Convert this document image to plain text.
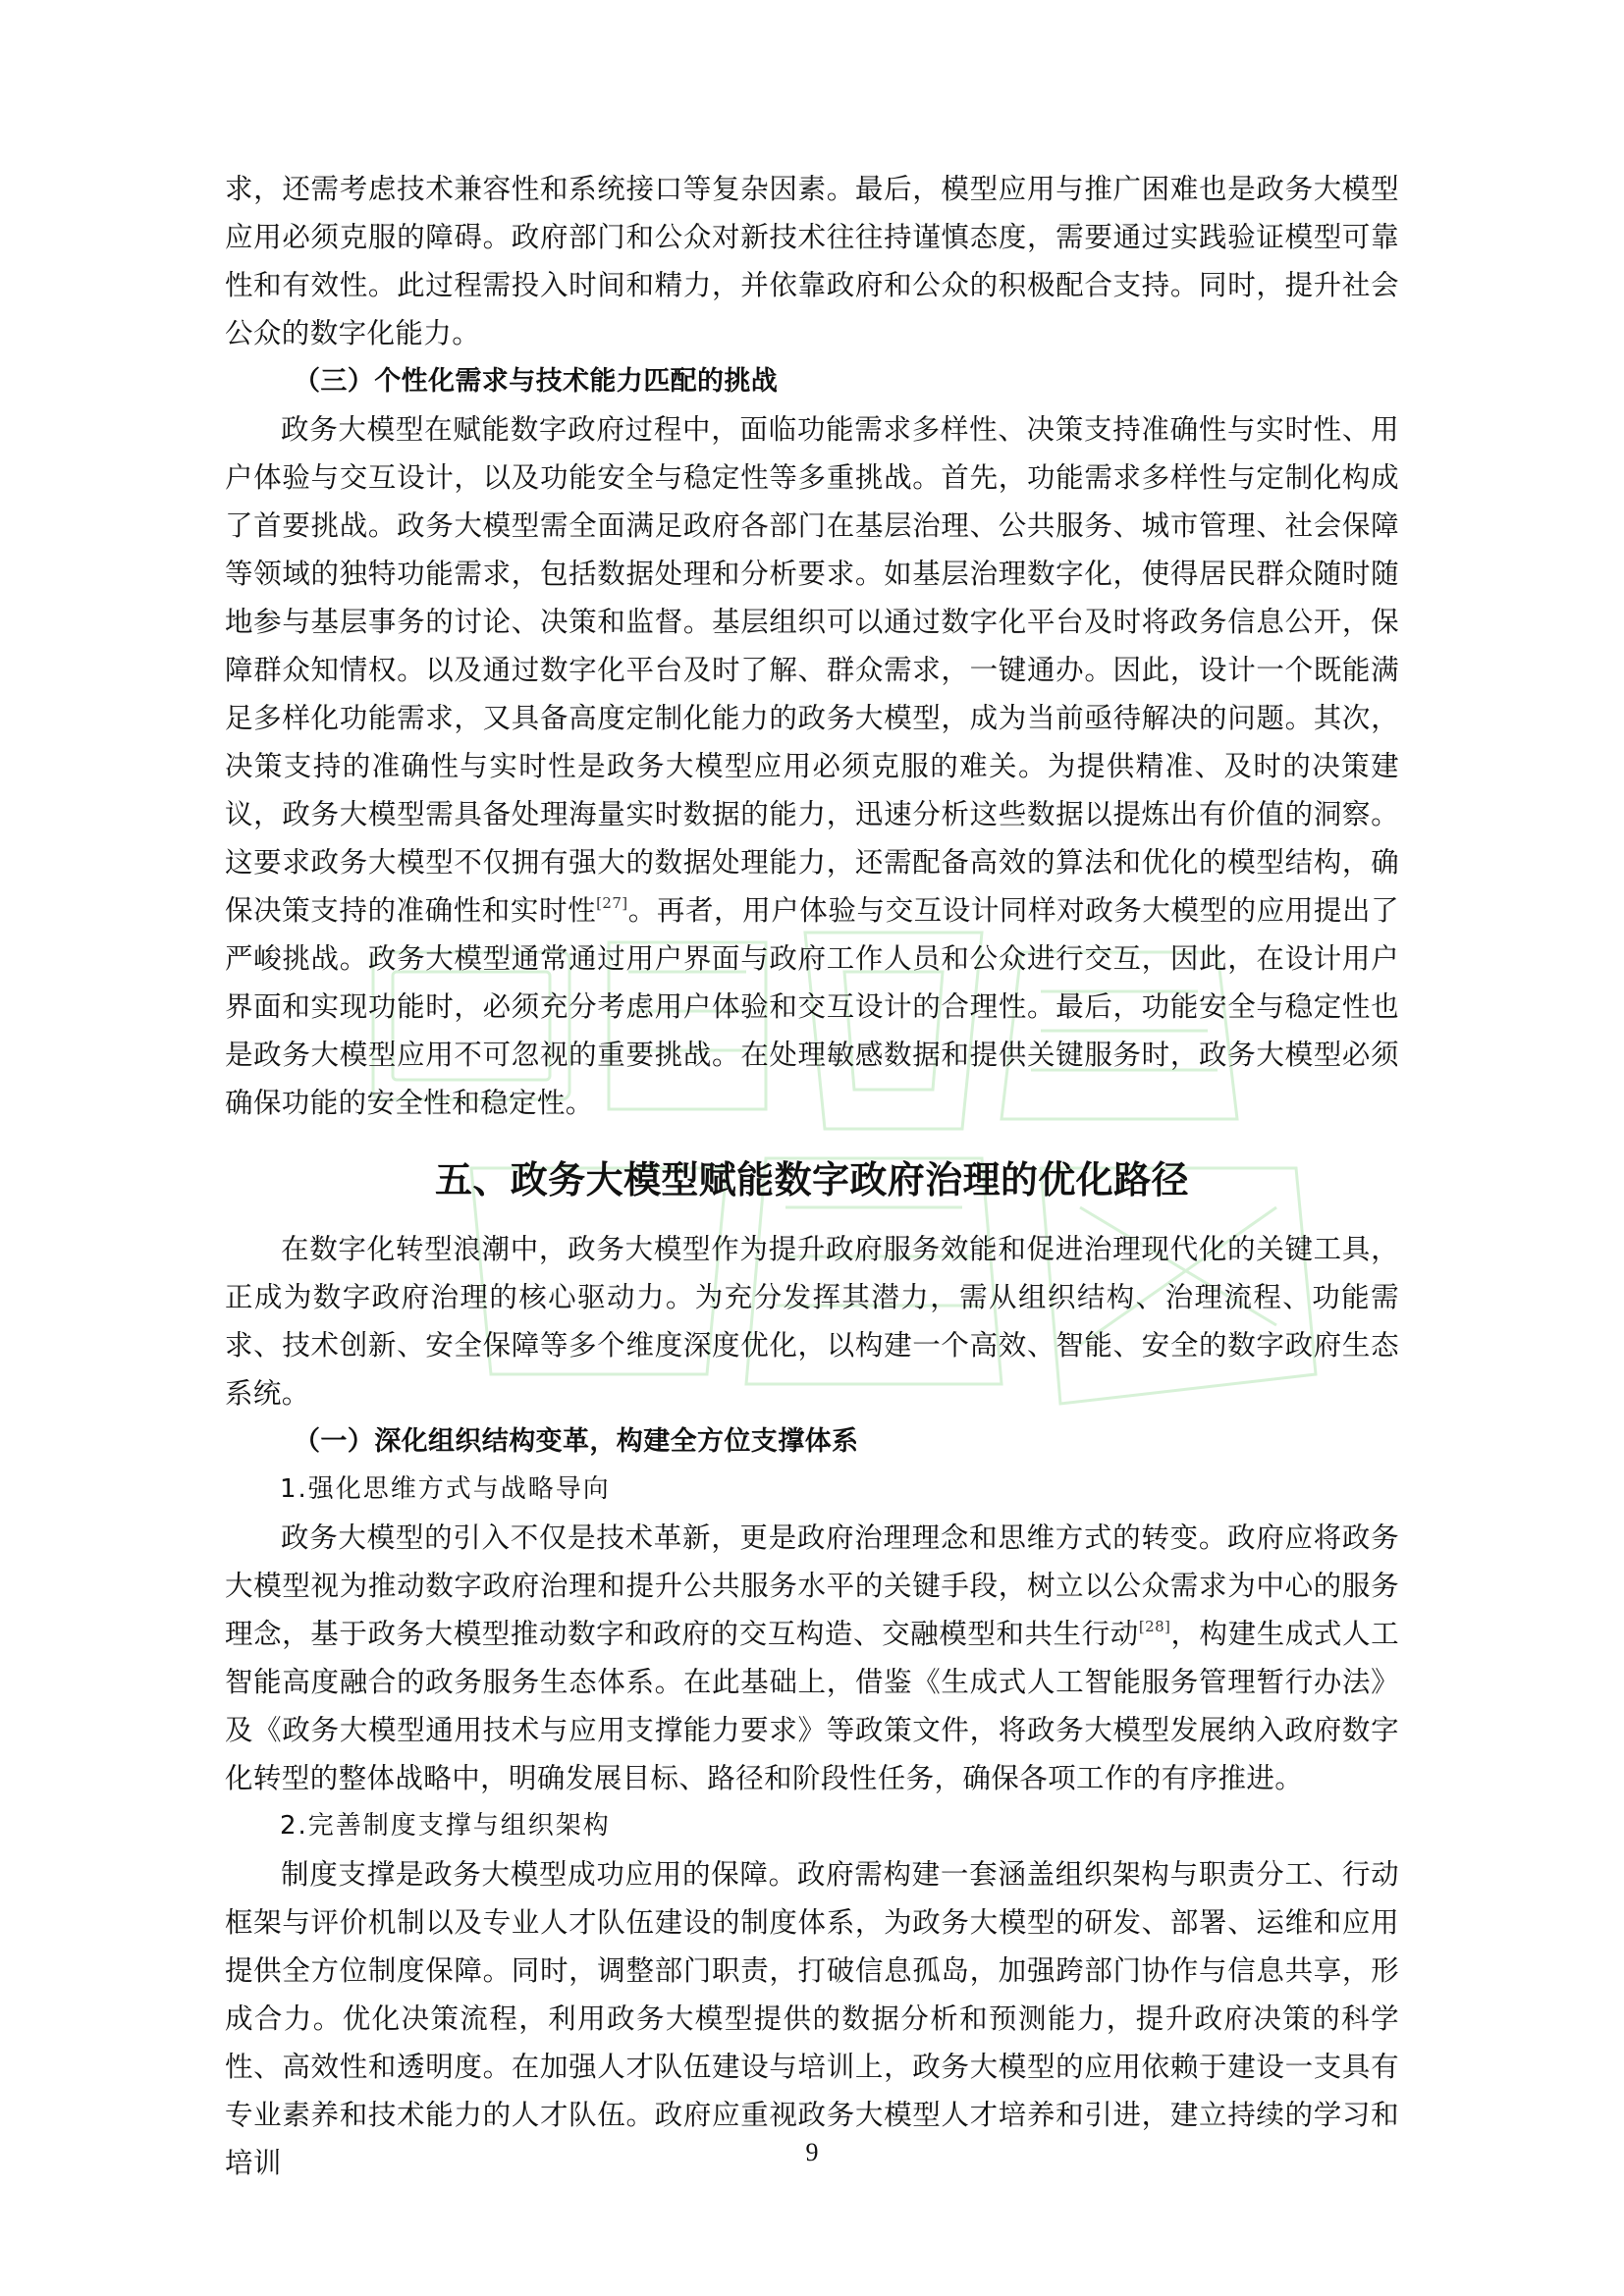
求，还需考虑技术兼容性和系统接口等复杂因素。最后，模型应用与推广困难也是政务大模型应用必须克服的障碍。政府部门和公众对新技术往往持谨慎态度，需要通过实践验证模型可靠性和有效性。此过程需投入时间和精力，并依靠政府和公众的积极配合支持。同时，提升社会公众的数字化能力。

（三）个性化需求与技术能力匹配的挑战

政务大模型在赋能数字政府过程中，面临功能需求多样性、决策支持准确性与实时性、用户体验与交互设计，以及功能安全与稳定性等多重挑战。首先，功能需求多样性与定制化构成了首要挑战。政务大模型需全面满足政府各部门在基层治理、公共服务、城市管理、社会保障等领域的独特功能需求，包括数据处理和分析要求。如基层治理数字化，使得居民群众随时随地参与基层事务的讨论、决策和监督。基层组织可以通过数字化平台及时将政务信息公开，保障群众知情权。以及通过数字化平台及时了解、群众需求，一键通办。因此，设计一个既能满足多样化功能需求，又具备高度定制化能力的政务大模型，成为当前亟待解决的问题。其次，决策支持的准确性与实时性是政务大模型应用必须克服的难关。为提供精准、及时的决策建议，政务大模型需具备处理海量实时数据的能力，迅速分析这些数据以提炼出有价值的洞察。这要求政务大模型不仅拥有强大的数据处理能力，还需配备高效的算法和优化的模型结构，确保决策支持的准确性和实时性[27]。再者，用户体验与交互设计同样对政务大模型的应用提出了严峻挑战。政务大模型通常通过用户界面与政府工作人员和公众进行交互，因此，在设计用户界面和实现功能时，必须充分考虑用户体验和交互设计的合理性。最后，功能安全与稳定性也是政务大模型应用不可忽视的重要挑战。在处理敏感数据和提供关键服务时，政务大模型必须确保功能的安全性和稳定性。

五、政务大模型赋能数字政府治理的优化路径

在数字化转型浪潮中，政务大模型作为提升政府服务效能和促进治理现代化的关键工具，正成为数字政府治理的核心驱动力。为充分发挥其潜力，需从组织结构、治理流程、功能需求、技术创新、安全保障等多个维度深度优化，以构建一个高效、智能、安全的数字政府生态系统。

（一）深化组织结构变革，构建全方位支撑体系
1.强化思维方式与战略导向

政务大模型的引入不仅是技术革新，更是政府治理理念和思维方式的转变。政府应将政务大模型视为推动数字政府治理和提升公共服务水平的关键手段，树立以公众需求为中心的服务理念，基于政务大模型推动数字和政府的交互构造、交融模型和共生行动[28]，构建生成式人工智能高度融合的政务服务生态体系。在此基础上，借鉴《生成式人工智能服务管理暂行办法》及《政务大模型通用技术与应用支撑能力要求》等政策文件，将政务大模型发展纳入政府数字化转型的整体战略中，明确发展目标、路径和阶段性任务，确保各项工作的有序推进。

2.完善制度支撑与组织架构

制度支撑是政务大模型成功应用的保障。政府需构建一套涵盖组织架构与职责分工、行动框架与评价机制以及专业人才队伍建设的制度体系，为政务大模型的研发、部署、运维和应用提供全方位制度保障。同时，调整部门职责，打破信息孤岛，加强跨部门协作与信息共享，形成合力。优化决策流程，利用政务大模型提供的数据分析和预测能力，提升政府决策的科学性、高效性和透明度。在加强人才队伍建设与培训上，政务大模型的应用依赖于建设一支具有专业素养和技术能力的人才队伍。政府应重视政务大模型人才培养和引进，建立持续的学习和培训	9
